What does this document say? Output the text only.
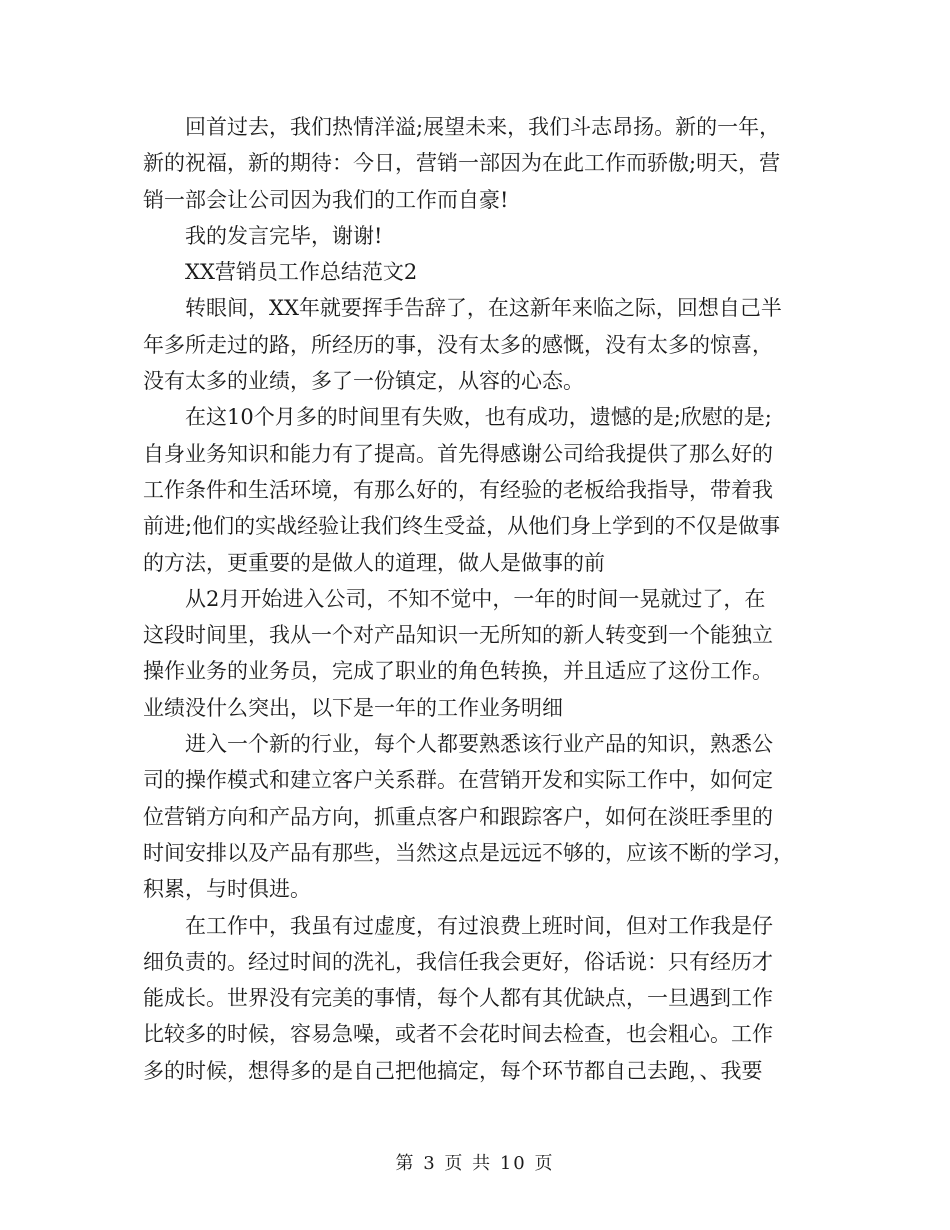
回首过去，我们热情洋溢;展望未来，我们斗志昂扬。新的一年，
新的祝福，新的期待：今日，营销一部因为在此工作而骄傲;明天，营
销一部会让公司因为我们的工作而自豪!
我的发言完毕，谢谢!
XX营销员工作总结范文2
转眼间，XX年就要挥手告辞了，在这新年来临之际，回想自己半
年多所走过的路，所经历的事，没有太多的感慨，没有太多的惊喜，
没有太多的业绩，多了一份镇定，从容的心态。
在这10个月多的时间里有失败，也有成功，遗憾的是;欣慰的是;
自身业务知识和能力有了提高。首先得感谢公司给我提供了那么好的
工作条件和生活环境，有那么好的，有经验的老板给我指导，带着我
前进;他们的实战经验让我们终生受益，从他们身上学到的不仅是做事
的方法，更重要的是做人的道理，做人是做事的前
从2月开始进入公司，不知不觉中，一年的时间一晃就过了，在
这段时间里，我从一个对产品知识一无所知的新人转变到一个能独立
操作业务的业务员，完成了职业的角色转换，并且适应了这份工作。
业绩没什么突出，以下是一年的工作业务明细
进入一个新的行业，每个人都要熟悉该行业产品的知识，熟悉公
司的操作模式和建立客户关系群。在营销开发和实际工作中，如何定
位营销方向和产品方向，抓重点客户和跟踪客户，如何在淡旺季里的
时间安排以及产品有那些，当然这点是远远不够的，应该不断的学习，
积累，与时俱进。
在工作中，我虽有过虚度，有过浪费上班时间，但对工作我是仔
细负责的。经过时间的洗礼，我信任我会更好，俗话说：只有经历才
能成长。世界没有完美的事情，每个人都有其优缺点，一旦遇到工作
比较多的时候，容易急噪，或者不会花时间去检查，也会粗心。工作
多的时候，想得多的是自己把他搞定，每个环节都自己去跑，、我要
第 3 页 共 10 页
